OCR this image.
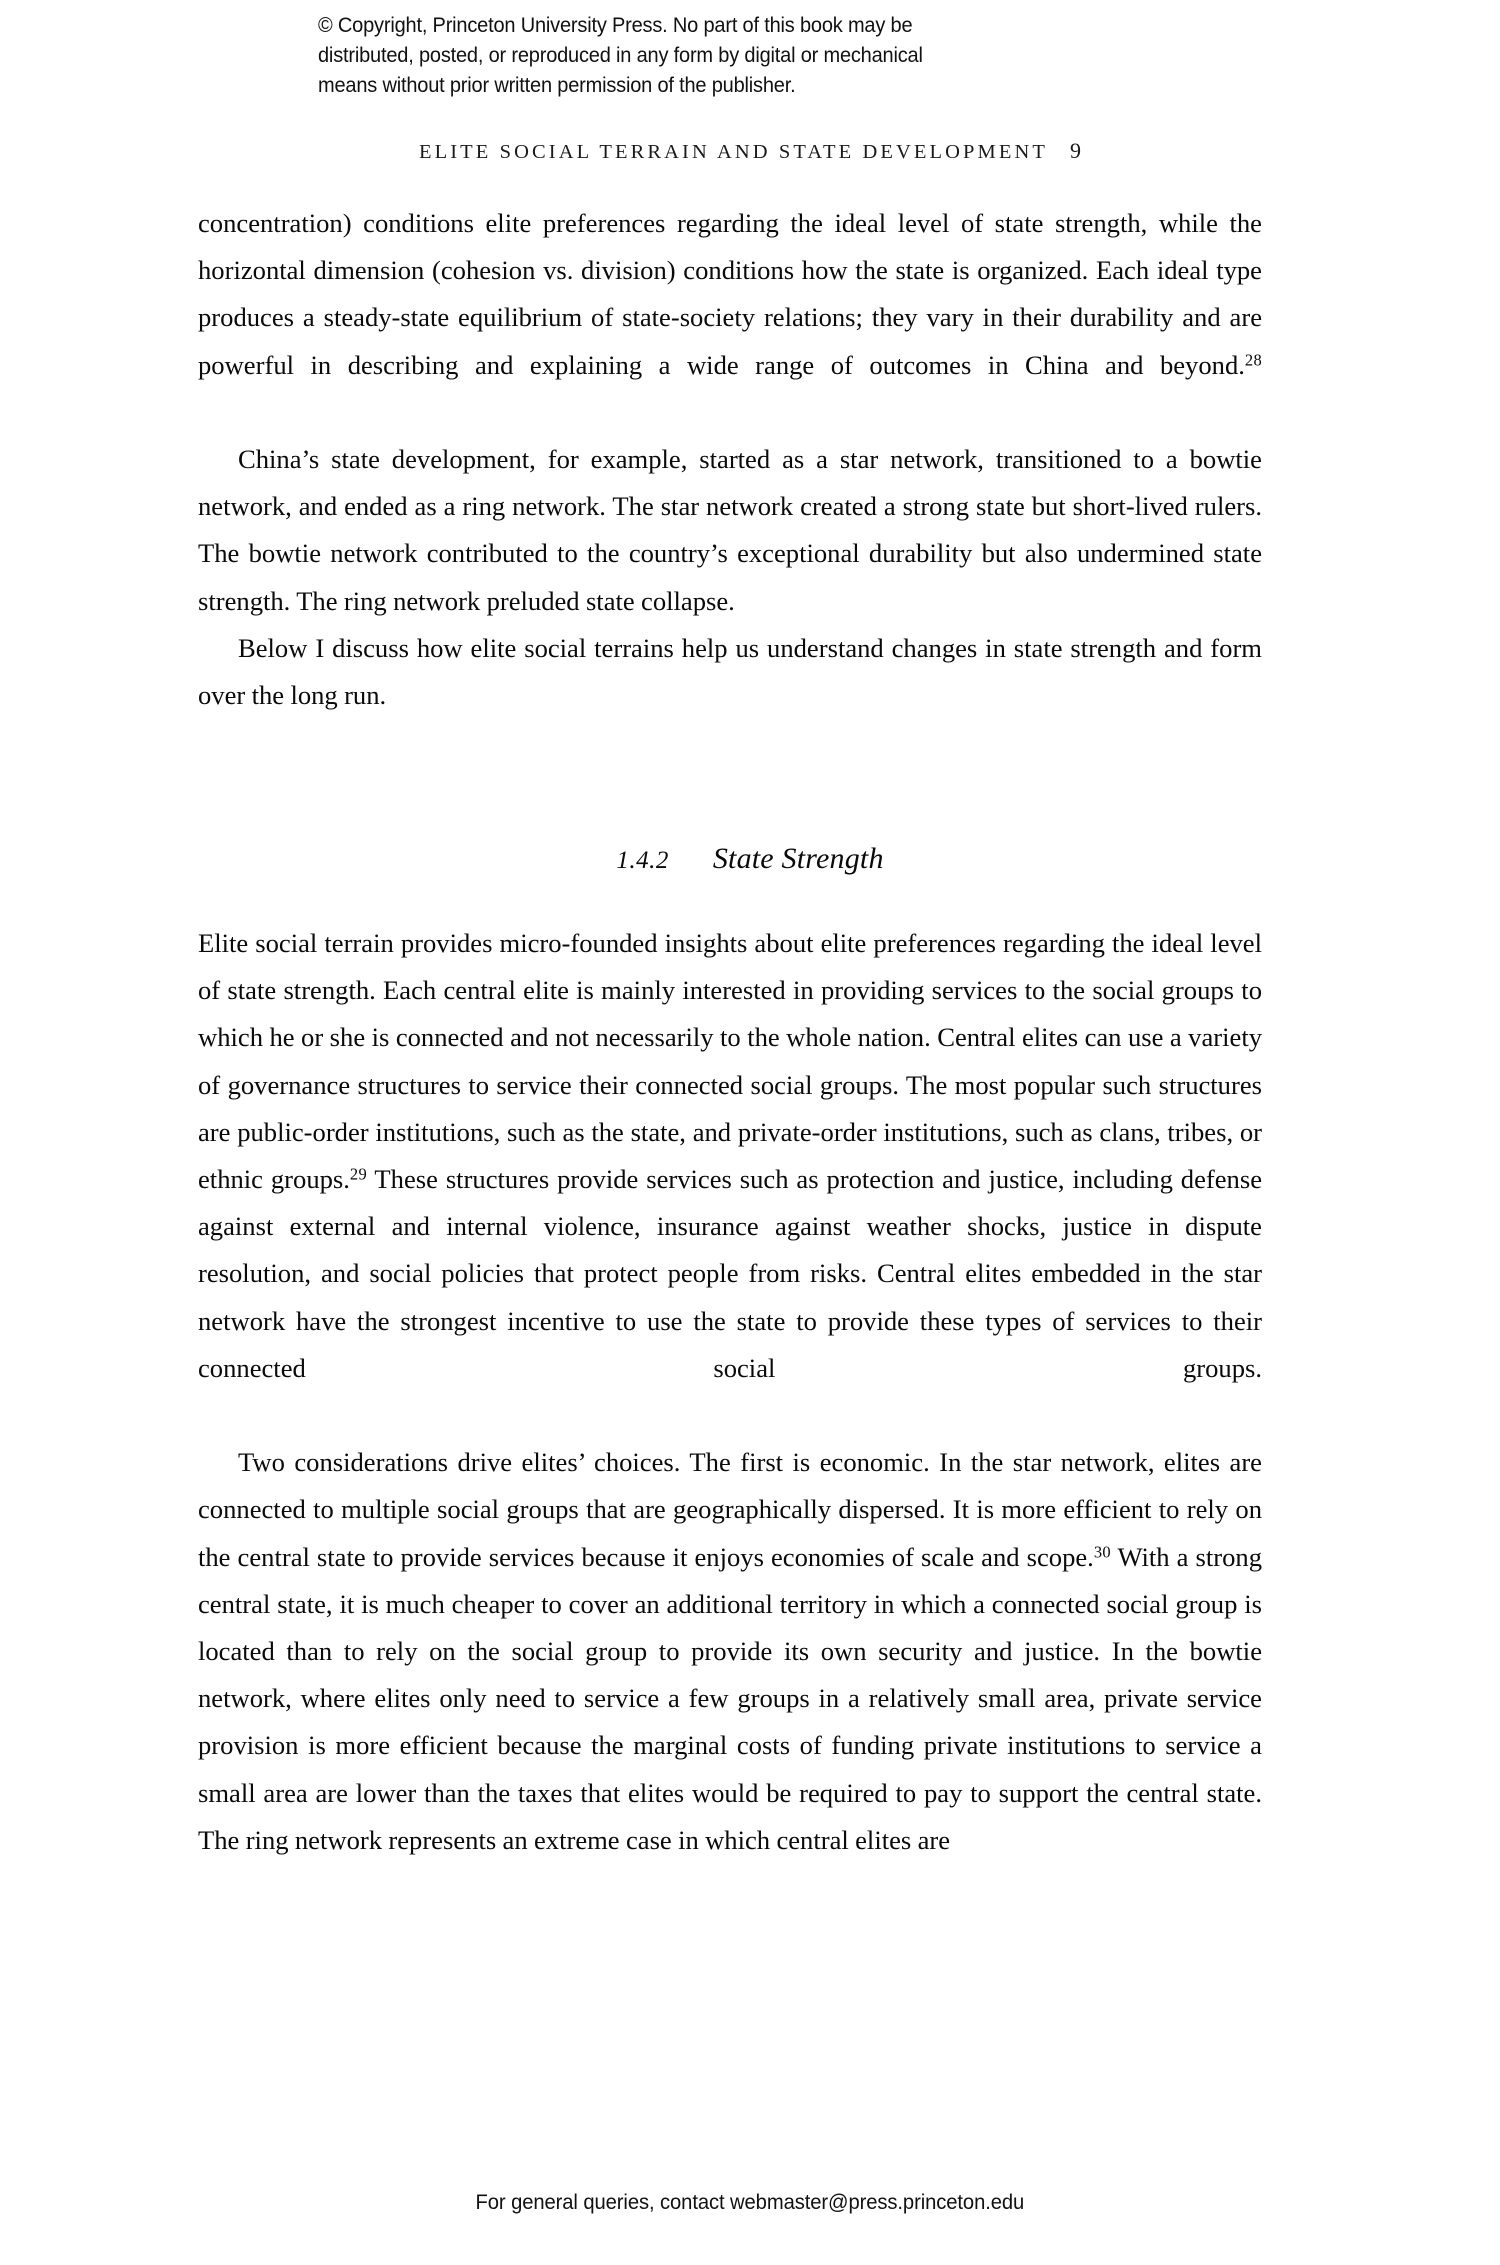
© Copyright, Princeton University Press. No part of this book may be
distributed, posted, or reproduced in any form by digital or mechanical
means without prior written permission of the publisher.
ELITE SOCIAL TERRAIN AND STATE DEVELOPMENT 9

concentration) conditions elite preferences regarding the ideal level of state strength, while the horizontal dimension (cohesion vs. division) conditions how the state is organized. Each ideal type produces a steady-state equilibrium of state-society relations; they vary in their durability and are powerful in describing and explaining a wide range of outcomes in China and beyond.$^{28}$

China’s state development, for example, started as a star network, transitioned to a bowtie network, and ended as a ring network. The star network created a strong state but short-lived rulers. The bowtie network contributed to the country’s exceptional durability but also undermined state strength. The ring network preluded state collapse.

Below I discuss how elite social terrains help us understand changes in state strength and form over the long run.

1.4.2 State Strength

Elite social terrain provides micro-founded insights about elite preferences regarding the ideal level of state strength. Each central elite is mainly interested in providing services to the social groups to which he or she is connected and not necessarily to the whole nation. Central elites can use a variety of governance structures to service their connected social groups. The most popular such structures are public-order institutions, such as the state, and private-order institutions, such as clans, tribes, or ethnic groups.$^{29}$ These structures provide services such as protection and justice, including defense against external and internal violence, insurance against weather shocks, justice in dispute resolution, and social policies that protect people from risks. Central elites embedded in the star network have the strongest incentive to use the state to provide these types of services to their connected social groups.

Two considerations drive elites’ choices. The first is economic. In the star network, elites are connected to multiple social groups that are geographically dispersed. It is more efficient to rely on the central state to provide services because it enjoys economies of scale and scope.$^{30}$ With a strong central state, it is much cheaper to cover an additional territory in which a connected social group is located than to rely on the social group to provide its own security and justice. In the bowtie network, where elites only need to service a few groups in a relatively small area, private service provision is more efficient because the marginal costs of funding private institutions to service a small area are lower than the taxes that elites would be required to pay to support the central state. The ring network represents an extreme case in which central elites are

For general queries, contact webmaster@press.princeton.edu
